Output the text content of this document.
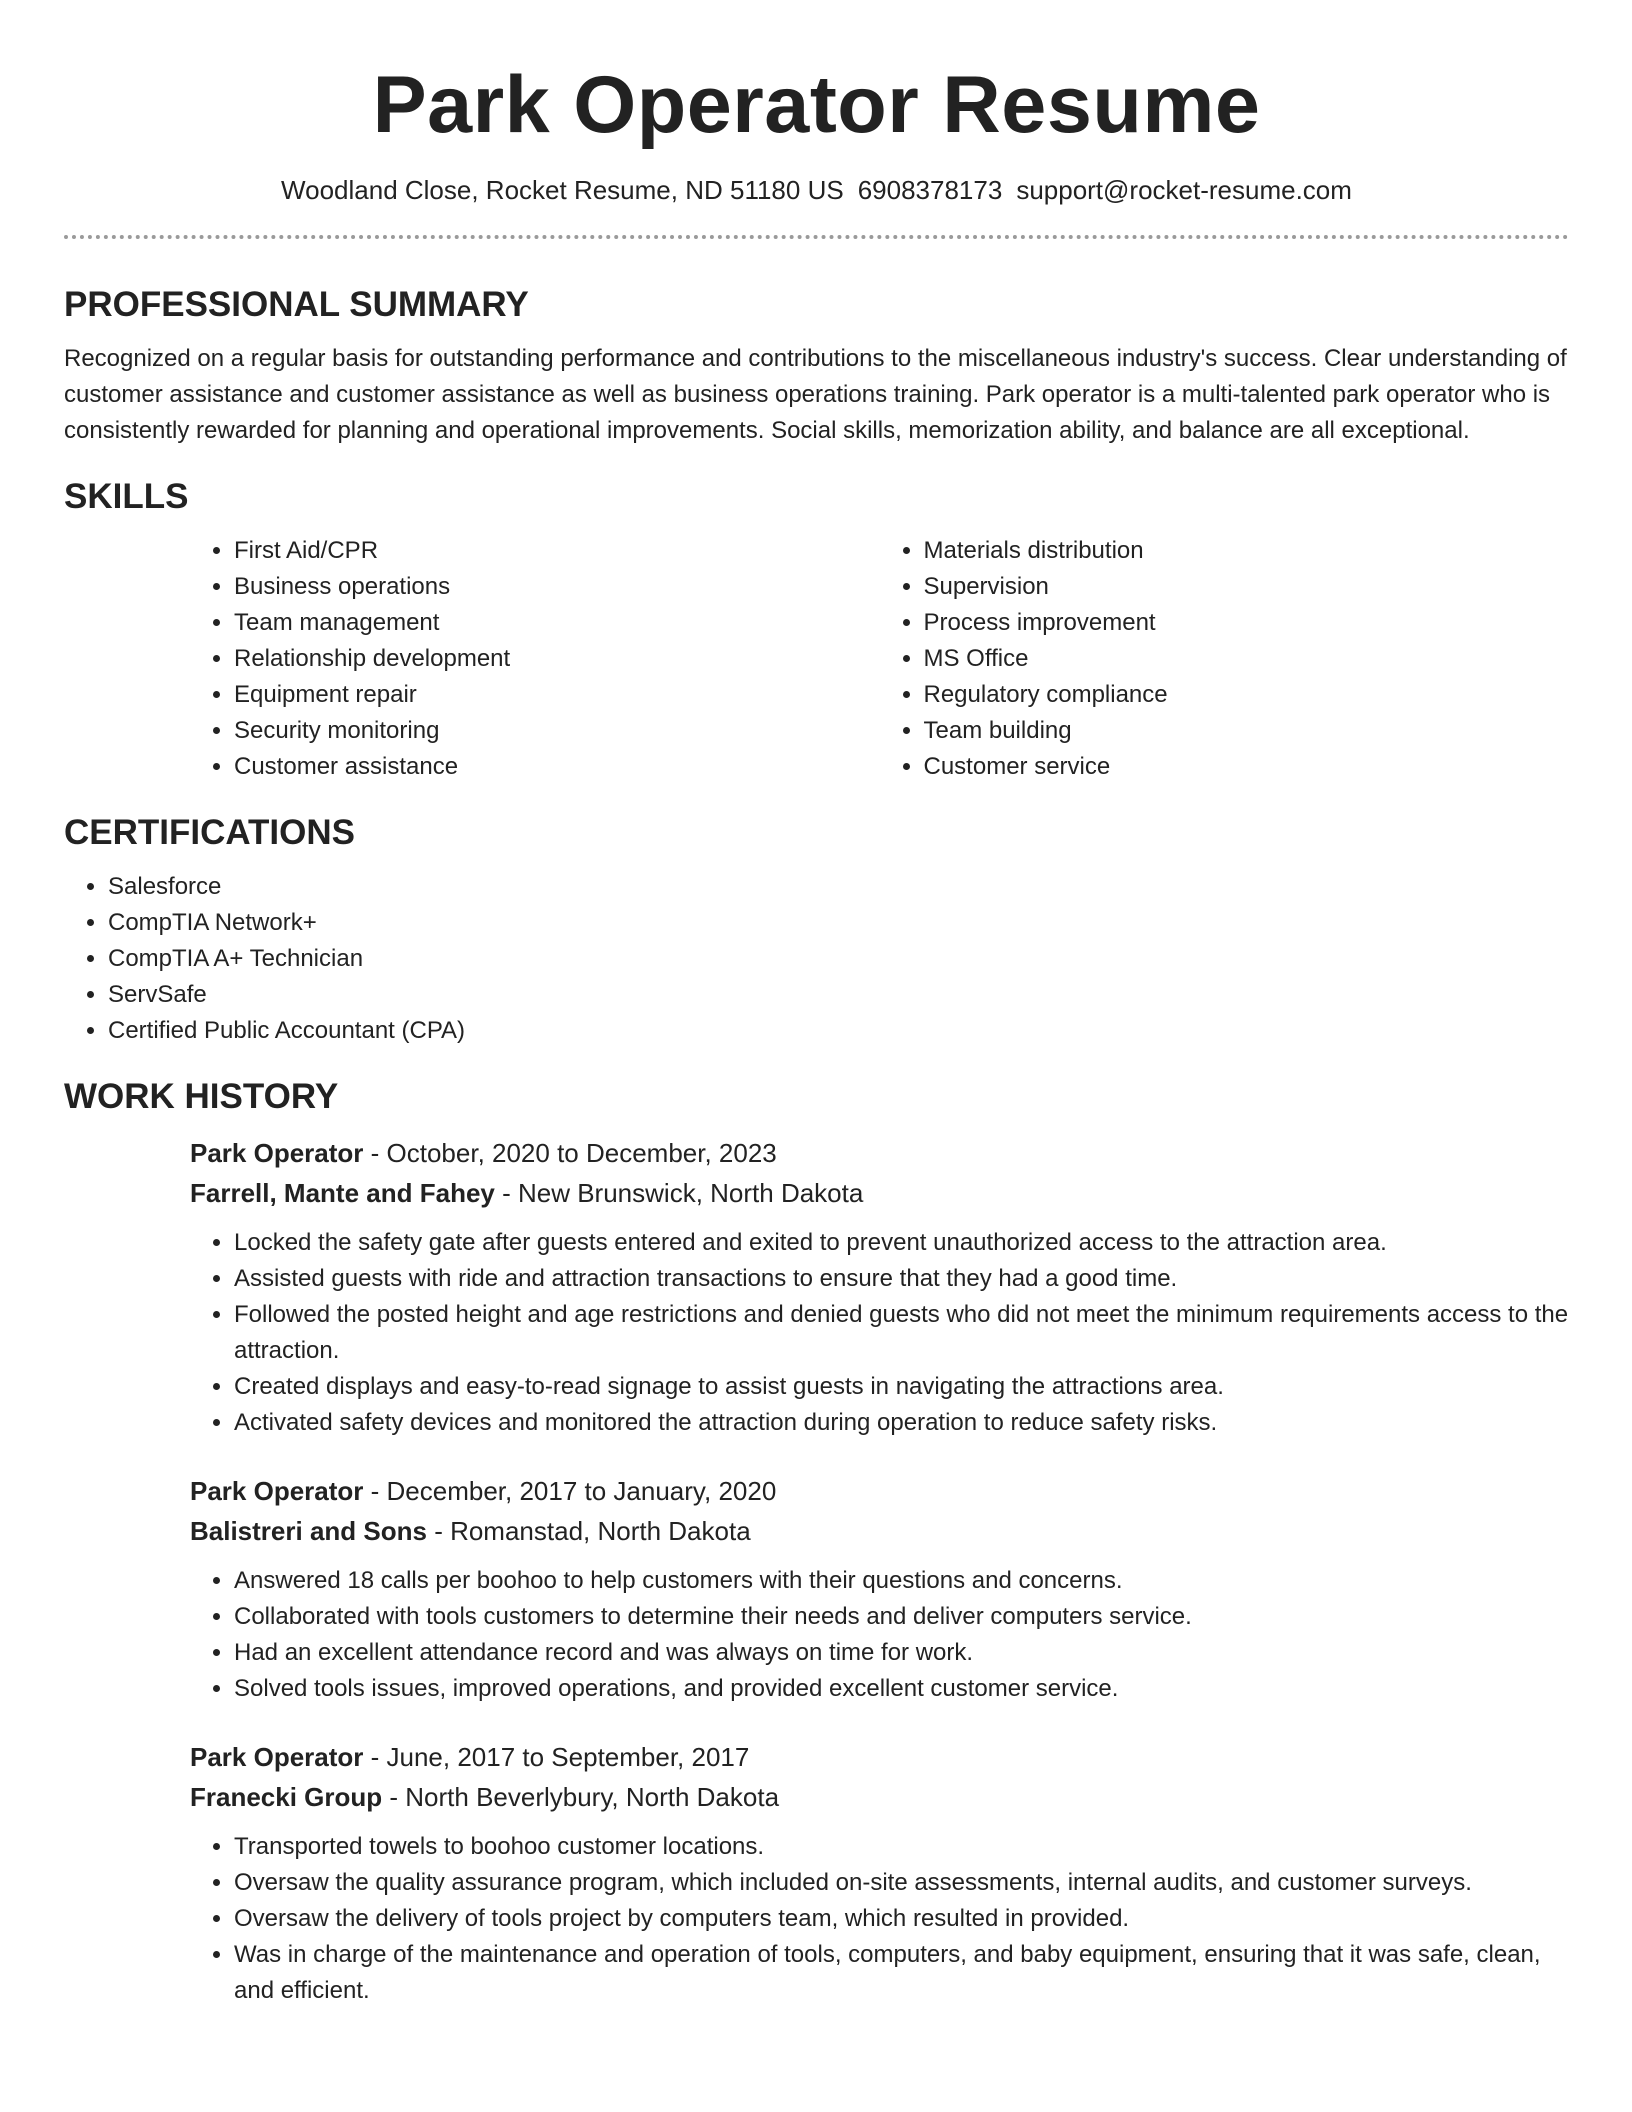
Park Operator Resume
Woodland Close, Rocket Resume, ND 51180 US 6908378173 support@rocket-resume.com
PROFESSIONAL SUMMARY

Recognized on a regular basis for outstanding performance and contributions to the miscellaneous industry's success. Clear understanding of customer assistance and customer assistance as well as business operations training. Park operator is a multi-talented park operator who is consistently rewarded for planning and operational improvements. Social skills, memorization ability, and balance are all exceptional.

SKILLS
• First Aid/CPR
• Business operations
• Team management
• Relationship development
• Equipment repair
• Security monitoring
• Customer assistance
• Materials distribution
• Supervision
• Process improvement
• MS Office
• Regulatory compliance
• Team building
• Customer service
CERTIFICATIONS
• Salesforce
• CompTIA Network+
• CompTIA A+ Technician
• ServSafe
• Certified Public Accountant (CPA)
WORK HISTORY

Park Operator - October, 2020 to December, 2023

Farrell, Mante and Fahey - New Brunswick, North Dakota

• Locked the safety gate after guests entered and exited to prevent unauthorized access to the attraction area.
• Assisted guests with ride and attraction transactions to ensure that they had a good time.
• Followed the posted height and age restrictions and denied guests who did not meet the minimum requirements access to the attraction.
• Created displays and easy-to-read signage to assist guests in navigating the attractions area.
• Activated safety devices and monitored the attraction during operation to reduce safety risks.

Park Operator - December, 2017 to January, 2020

Balistreri and Sons - Romanstad, North Dakota

• Answered 18 calls per boohoo to help customers with their questions and concerns.
• Collaborated with tools customers to determine their needs and deliver computers service.
• Had an excellent attendance record and was always on time for work.
• Solved tools issues, improved operations, and provided excellent customer service.

Park Operator - June, 2017 to September, 2017

Franecki Group - North Beverlybury, North Dakota

• Transported towels to boohoo customer locations.
• Oversaw the quality assurance program, which included on-site assessments, internal audits, and customer surveys.
• Oversaw the delivery of tools project by computers team, which resulted in provided.
• Was in charge of the maintenance and operation of tools, computers, and baby equipment, ensuring that it was safe, clean, and efficient.
